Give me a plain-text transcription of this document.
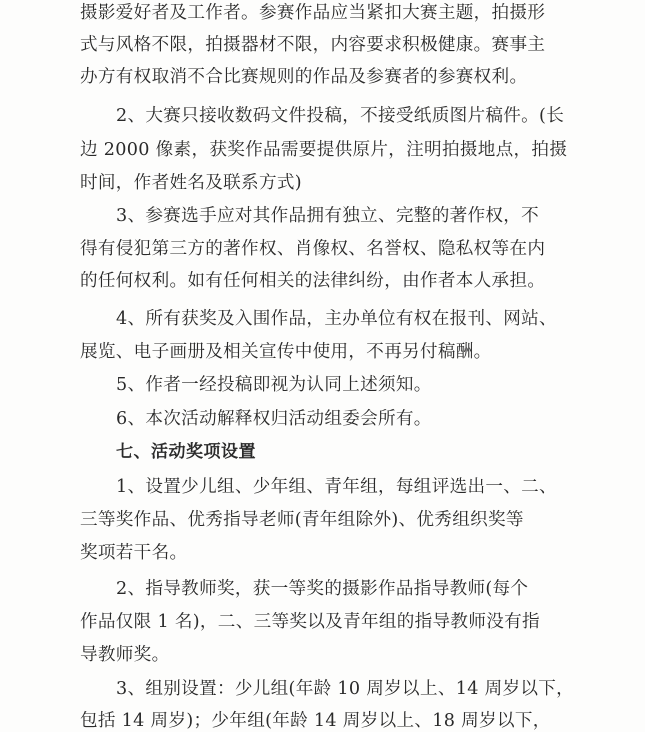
摄影爱好者及工作者。参赛作品应当紧扣大赛主题，拍摄形
式与风格不限，拍摄器材不限，内容要求积极健康。赛事主
办方有权取消不合比赛规则的作品及参赛者的参赛权利。
2、大赛只接收数码文件投稿，不接受纸质图片稿件。(长
边 2000 像素，获奖作品需要提供原片，注明拍摄地点，拍摄
时间，作者姓名及联系方式)
3、参赛选手应对其作品拥有独立、完整的著作权，不
得有侵犯第三方的著作权、肖像权、名誉权、隐私权等在内
的任何权利。如有任何相关的法律纠纷，由作者本人承担。
4、所有获奖及入围作品，主办单位有权在报刊、网站、
展览、电子画册及相关宣传中使用，不再另付稿酬。
5、作者一经投稿即视为认同上述须知。
6、本次活动解释权归活动组委会所有。
七、活动奖项设置
1、设置少儿组、少年组、青年组，每组评选出一、二、
三等奖作品、优秀指导老师(青年组除外)、优秀组织奖等
奖项若干名。
2、指导教师奖，获一等奖的摄影作品指导教师(每个
作品仅限 1 名)，二、三等奖以及青年组的指导教师没有指
导教师奖。
3、组别设置：少儿组(年龄 10 周岁以上、14 周岁以下，
包括 14 周岁)；少年组(年龄 14 周岁以上、18 周岁以下，
